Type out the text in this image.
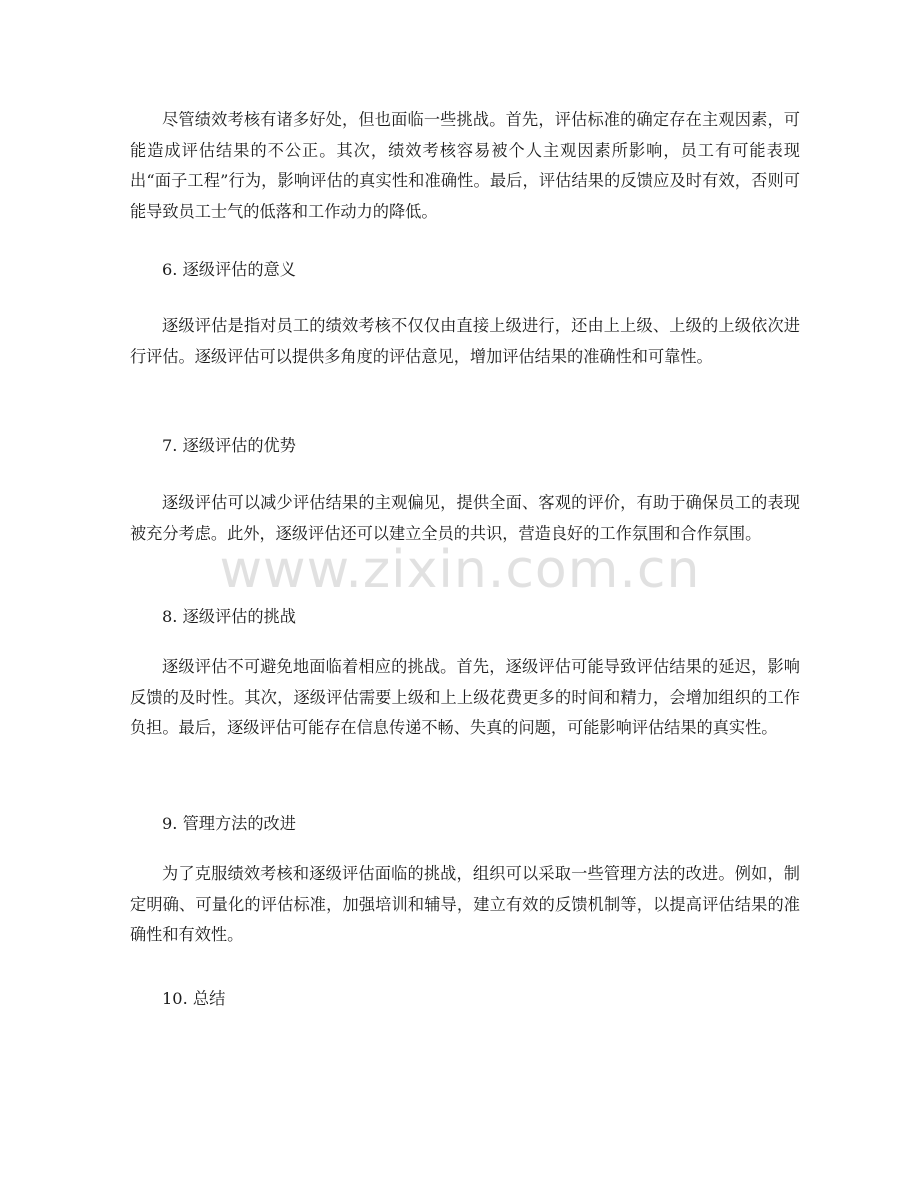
尽管绩效考核有诸多好处，但也面临一些挑战。首先，评估标准的确定存在主观因素，可能造成评估结果的不公正。其次，绩效考核容易被个人主观因素所影响，员工有可能表现出“面子工程”行为，影响评估的真实性和准确性。最后，评估结果的反馈应及时有效，否则可能导致员工士气的低落和工作动力的降低。

6. 逐级评估的意义

逐级评估是指对员工的绩效考核不仅仅由直接上级进行，还由上上级、上级的上级依次进行评估。逐级评估可以提供多角度的评估意见，增加评估结果的准确性和可靠性。

7. 逐级评估的优势

逐级评估可以减少评估结果的主观偏见，提供全面、客观的评价，有助于确保员工的表现被充分考虑。此外，逐级评估还可以建立全员的共识，营造良好的工作氛围和合作氛围。

8. 逐级评估的挑战

逐级评估不可避免地面临着相应的挑战。首先，逐级评估可能导致评估结果的延迟，影响反馈的及时性。其次，逐级评估需要上级和上上级花费更多的时间和精力，会增加组织的工作负担。最后，逐级评估可能存在信息传递不畅、失真的问题，可能影响评估结果的真实性。

9. 管理方法的改进

为了克服绩效考核和逐级评估面临的挑战，组织可以采取一些管理方法的改进。例如，制定明确、可量化的评估标准，加强培训和辅导，建立有效的反馈机制等，以提高评估结果的准确性和有效性。

10. 总结

www.zixin.com.cn
